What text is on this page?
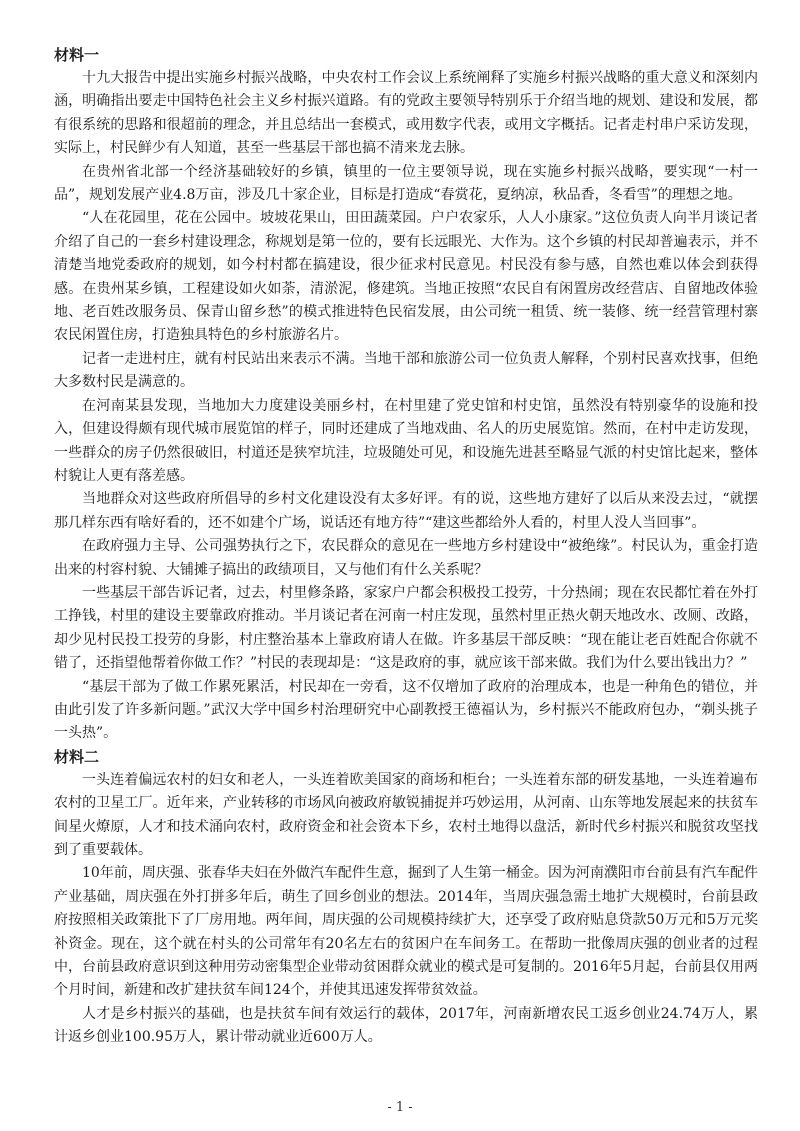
材料一

十九大报告中提出实施乡村振兴战略，中央农村工作会议上系统阐释了实施乡村振兴战略的重大意义和深刻内涵，明确指出要走中国特色社会主义乡村振兴道路。有的党政主要领导特别乐于介绍当地的规划、建设和发展，都有很系统的思路和很超前的理念，并且总结出一套模式，或用数字代表，或用文字概括。记者走村串户采访发现，实际上，村民鲜少有人知道，甚至一些基层干部也搞不清来龙去脉。

在贵州省北部一个经济基础较好的乡镇，镇里的一位主要领导说，现在实施乡村振兴战略，要实现“一村一品”，规划发展产业4.8万亩，涉及几十家企业，目标是打造成“春赏花，夏纳凉，秋品香，冬看雪”的理想之地。

“人在花园里，花在公园中。坡坡花果山，田田蔬菜园。户户农家乐，人人小康家。”这位负责人向半月谈记者介绍了自己的一套乡村建设理念，称规划是第一位的，要有长远眼光、大作为。这个乡镇的村民却普遍表示，并不清楚当地党委政府的规划，如今村村都在搞建设，很少征求村民意见。村民没有参与感，自然也难以体会到获得感。在贵州某乡镇，工程建设如火如荼，清淤泥，修建筑。当地正按照“农民自有闲置房改经营店、自留地改体验地、老百姓改服务员、保青山留乡愁”的模式推进特色民宿发展，由公司统一租赁、统一装修、统一经营管理村寨农民闲置住房，打造独具特色的乡村旅游名片。

记者一走进村庄，就有村民站出来表示不满。当地干部和旅游公司一位负责人解释，个别村民喜欢找事，但绝大多数村民是满意的。

在河南某县发现，当地加大力度建设美丽乡村，在村里建了党史馆和村史馆，虽然没有特别豪华的设施和投入，但建设得颇有现代城市展览馆的样子，同时还建成了当地戏曲、名人的历史展览馆。然而，在村中走访发现，一些群众的房子仍然很破旧，村道还是狭窄坑洼，垃圾随处可见，和设施先进甚至略显气派的村史馆比起来，整体村貌让人更有落差感。

当地群众对这些政府所倡导的乡村文化建设没有太多好评。有的说，这些地方建好了以后从来没去过，“就摆那几样东西有啥好看的，还不如建个广场，说话还有地方待”“建这些都给外人看的，村里人没人当回事”。

在政府强力主导、公司强势执行之下，农民群众的意见在一些地方乡村建设中“被绝缘”。村民认为，重金打造出来的村容村貌、大铺摊子搞出的政绩项目，又与他们有什么关系呢？

一些基层干部告诉记者，过去，村里修条路，家家户户都会积极投工投劳，十分热闹；现在农民都忙着在外打工挣钱，村里的建设主要靠政府推动。半月谈记者在河南一村庄发现，虽然村里正热火朝天地改水、改厕、改路，却少见村民投工投劳的身影，村庄整治基本上靠政府请人在做。许多基层干部反映：“现在能让老百姓配合你就不错了，还指望他帮着你做工作？”村民的表现却是：“这是政府的事，就应该干部来做。我们为什么要出钱出力？”

“基层干部为了做工作累死累活，村民却在一旁看，这不仅增加了政府的治理成本，也是一种角色的错位，并由此引发了许多新问题。”武汉大学中国乡村治理研究中心副教授王德福认为，乡村振兴不能政府包办，“剃头挑子一头热”。

材料二

一头连着偏远农村的妇女和老人，一头连着欧美国家的商场和柜台；一头连着东部的研发基地，一头连着遍布农村的卫星工厂。近年来，产业转移的市场风向被政府敏锐捕捉并巧妙运用，从河南、山东等地发展起来的扶贫车间星火燎原，人才和技术涌向农村，政府资金和社会资本下乡，农村土地得以盘活，新时代乡村振兴和脱贫攻坚找到了重要载体。

10年前，周庆强、张春华夫妇在外做汽车配件生意，掘到了人生第一桶金。因为河南濮阳市台前县有汽车配件产业基础，周庆强在外打拼多年后，萌生了回乡创业的想法。2014年，当周庆强急需土地扩大规模时，台前县政府按照相关政策批下了厂房用地。两年间，周庆强的公司规模持续扩大，还享受了政府贴息贷款50万元和5万元奖补资金。现在，这个就在村头的公司常年有20名左右的贫困户在车间务工。在帮助一批像周庆强的创业者的过程中，台前县政府意识到这种用劳动密集型企业带动贫困群众就业的模式是可复制的。2016年5月起，台前县仅用两个月时间，新建和改扩建扶贫车间124个，并使其迅速发挥带贫效益。

人才是乡村振兴的基础，也是扶贫车间有效运行的载体，2017年，河南新增农民工返乡创业24.74万人，累计返乡创业100.95万人，累计带动就业近600万人。

- 1 -
